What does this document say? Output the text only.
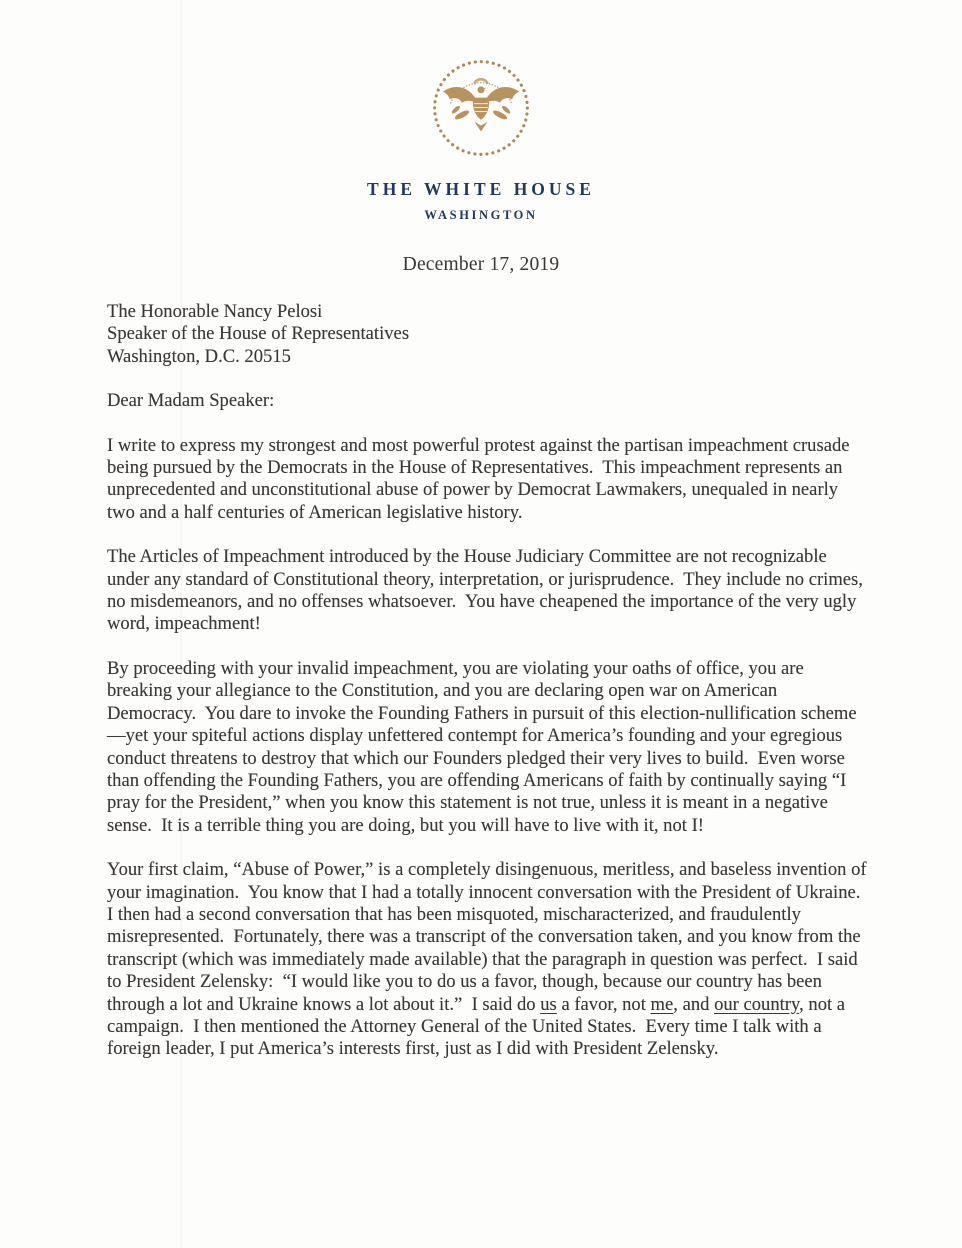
THE WHITE HOUSE
WASHINGTON
December 17, 2019
The Honorable Nancy Pelosi
Speaker of the House of Representatives
Washington, D.C. 20515
Dear Madam Speaker:

I write to express my strongest and most powerful protest against the partisan impeachment crusade being pursued by the Democrats in the House of Representatives.  This impeachment represents an unprecedented and unconstitutional abuse of power by Democrat Lawmakers, unequaled in nearly two and a half centuries of American legislative history.

The Articles of Impeachment introduced by the House Judiciary Committee are not recognizable under any standard of Constitutional theory, interpretation, or jurisprudence.  They include no crimes, no misdemeanors, and no offenses whatsoever.  You have cheapened the importance of the very ugly word, impeachment!

By proceeding with your invalid impeachment, you are violating your oaths of office, you are breaking your allegiance to the Constitution, and you are declaring open war on American Democracy.  You dare to invoke the Founding Fathers in pursuit of this election-nullification scheme—yet your spiteful actions display unfettered contempt for America’s founding and your egregious conduct threatens to destroy that which our Founders pledged their very lives to build.  Even worse than offending the Founding Fathers, you are offending Americans of faith by continually saying “I pray for the President,” when you know this statement is not true, unless it is meant in a negative sense.  It is a terrible thing you are doing, but you will have to live with it, not I!

Your first claim, “Abuse of Power,” is a completely disingenuous, meritless, and baseless invention of your imagination.  You know that I had a totally innocent conversation with the President of Ukraine.  I then had a second conversation that has been misquoted, mischaracterized, and fraudulently misrepresented.  Fortunately, there was a transcript of the conversation taken, and you know from the transcript (which was immediately made available) that the paragraph in question was perfect.  I said to President Zelensky:  “I would like you to do us a favor, though, because our country has been through a lot and Ukraine knows a lot about it.”  I said do us a favor, not me, and our country, not a campaign.  I then mentioned the Attorney General of the United States.  Every time I talk with a foreign leader, I put America’s interests first, just as I did with President Zelensky.
